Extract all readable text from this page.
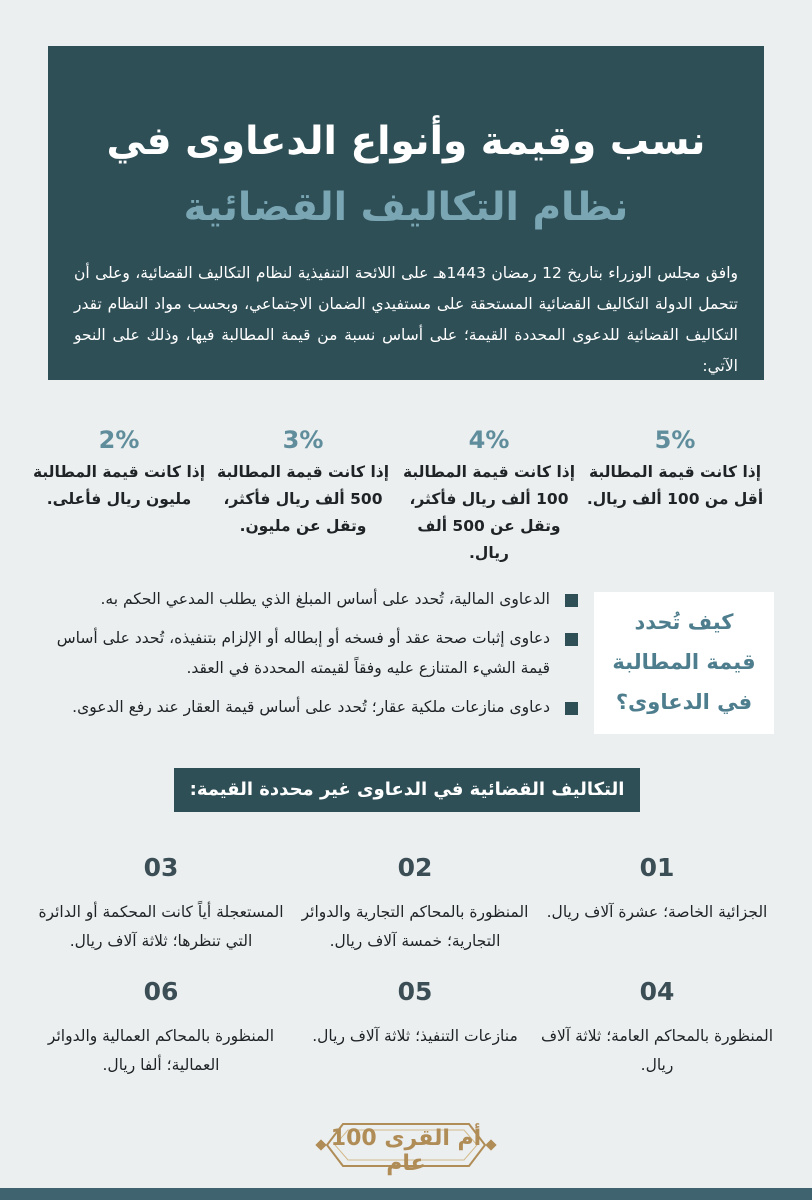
نسب وقيمة وأنواع الدعاوى في
نظام التكاليف القضائية
وافق مجلس الوزراء بتاريخ 12 رمضان 1443هـ على اللائحة التنفيذية لنظام التكاليف القضائية، وعلى أن تتحمل الدولة التكاليف القضائية المستحقة على مستفيدي الضمان الاجتماعي، وبحسب مواد النظام تقدر التكاليف القضائية للدعوى المحددة القيمة؛ على أساس نسبة من قيمة المطالبة فيها، وذلك على النحو الآتي:
5%
إذا كانت قيمة المطالبة أقل من 100 ألف ريال.
4%
إذا كانت قيمة المطالبة 100 ألف ريال فأكثر، وتقل عن 500 ألف ريال.
3%
إذا كانت قيمة المطالبة 500 ألف ريال فأكثر، وتقل عن مليون.
2%
إذا كانت قيمة المطالبة مليون ريال فأعلى.
كيف تُحدد
قيمة المطالبة
في الدعاوى؟
الدعاوى المالية، تُحدد على أساس المبلغ الذي يطلب المدعي الحكم به.
دعاوى إثبات صحة عقد أو فسخه أو إبطاله أو الإلزام بتنفيذه، تُحدد على أساس قيمة الشيء المتنازع عليه وفقاً لقيمته المحددة في العقد.
دعاوى منازعات ملكية عقار؛ تُحدد على أساس قيمة العقار عند رفع الدعوى.
التكاليف القضائية في الدعاوى غير محددة القيمة:
01
الجزائية الخاصة؛ عشرة آلاف ريال.
02
المنظورة بالمحاكم التجارية والدوائر التجارية؛ خمسة آلاف ريال.
03
المستعجلة أياً كانت المحكمة أو الدائرة التي تنظرها؛ ثلاثة آلاف ريال.
04
المنظورة بالمحاكم العامة؛ ثلاثة آلاف ريال.
05
منازعات التنفيذ؛ ثلاثة آلاف ريال.
06
المنظورة بالمحاكم العمالية والدوائر العمالية؛ ألفا ريال.
أم القرى 100 عام
